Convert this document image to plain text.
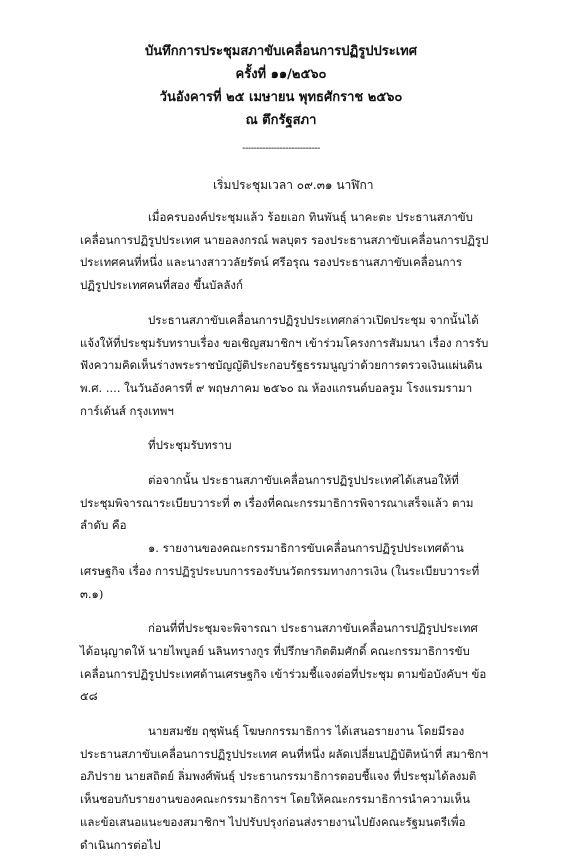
บันทึกการประชุมสภาขับเคลื่อนการปฏิรูปประเทศ
ครั้งที่ ๑๑/๒๕๖๐
วันอังคารที่ ๒๕ เมษายน พุทธศักราช ๒๕๖๐
ณ ตึกรัฐสภา
---------------------------
เริ่มประชุมเวลา ๐๙.๓๑ นาฬิกา

เมื่อครบองค์ประชุมแล้ว ร้อยเอก ทินพันธุ์ นาคะตะ ประธานสภาขับเคลื่อนการปฏิรูปประเทศ นายอลงกรณ์ พลบุตร รองประธานสภาขับเคลื่อนการปฏิรูปประเทศคนที่หนึ่ง และนางสาววลัยรัตน์ ศรีอรุณ รองประธานสภาขับเคลื่อนการปฏิรูปประเทศคนที่สอง ขึ้นบัลลังก์

ประธานสภาขับเคลื่อนการปฏิรูปประเทศกล่าวเปิดประชุม จากนั้นได้แจ้งให้ที่ประชุมรับทราบเรื่อง ขอเชิญสมาชิกฯ เข้าร่วมโครงการสัมมนา เรื่อง การรับฟังความคิดเห็นร่างพระราชบัญญัติประกอบรัฐธรรมนูญว่าด้วยการตรวจเงินแผ่นดิน พ.ศ. .... ในวันอังคารที่ ๙ พฤษภาคม ๒๕๖๐ ณ ห้องแกรนด์บอลรูม โรงแรมรามาการ์เด้นส์ กรุงเทพฯ

ที่ประชุมรับทราบ

ต่อจากนั้น ประธานสภาขับเคลื่อนการปฏิรูปประเทศได้เสนอให้ที่ประชุมพิจารณาระเบียบวาระที่ ๓ เรื่องที่คณะกรรมาธิการพิจารณาเสร็จแล้ว ตามลำดับ คือ

๑. รายงานของคณะกรรมาธิการขับเคลื่อนการปฏิรูปประเทศด้านเศรษฐกิจ เรื่อง การปฏิรูประบบการรองรับนวัตกรรมทางการเงิน (ในระเบียบวาระที่ ๓.๑)

ก่อนที่ที่ประชุมจะพิจารณา ประธานสภาขับเคลื่อนการปฏิรูปประเทศได้อนุญาตให้ นายไพบูลย์ นลินทรางกูร ที่ปรึกษากิตติมศักดิ์ คณะกรรมาธิการขับเคลื่อนการปฏิรูปประเทศด้านเศรษฐกิจ เข้าร่วมชี้แจงต่อที่ประชุม ตามข้อบังคับฯ ข้อ ๕๘

นายสมชัย ฤชุพันธุ์ โฆษกกรรมาธิการ ได้เสนอรายงาน โดยมีรองประธานสภาขับเคลื่อนการปฏิรูปประเทศ คนที่หนึ่ง ผลัดเปลี่ยนปฏิบัติหน้าที่ สมาชิกฯ อภิปราย นายสถิตย์ ลิ่มพงศ์พันธุ์ ประธานกรรมาธิการตอบชี้แจง ที่ประชุมได้ลงมติเห็นชอบกับรายงานของคณะกรรมาธิการฯ โดยให้คณะกรรมาธิการนำความเห็นและข้อเสนอแนะของสมาชิกฯ ไปปรับปรุงก่อนส่งรายงานไปยังคณะรัฐมนตรีเพื่อดำเนินการต่อไป
